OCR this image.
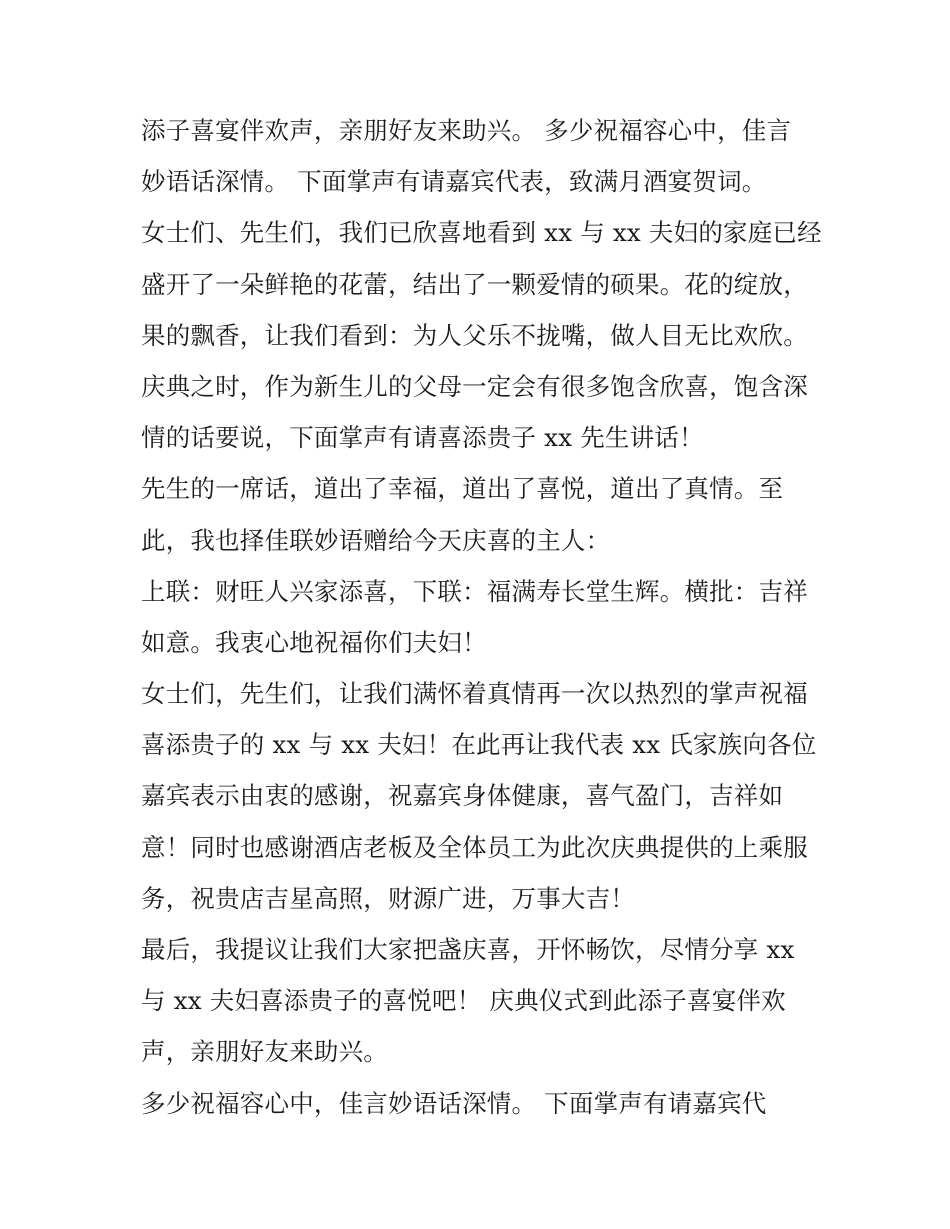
添子喜宴伴欢声，亲朋好友来助兴。 多少祝福容心中，佳言
妙语话深情。 下面掌声有请嘉宾代表，致满月酒宴贺词。
女士们、先生们，我们已欣喜地看到 xx 与 xx 夫妇的家庭已经
盛开了一朵鲜艳的花蕾，结出了一颗爱情的硕果。花的绽放，
果的飘香，让我们看到：为人父乐不拢嘴，做人目无比欢欣。
庆典之时，作为新生儿的父母一定会有很多饱含欣喜，饱含深
情的话要说，下面掌声有请喜添贵子 xx 先生讲话！
先生的一席话，道出了幸福，道出了喜悦，道出了真情。至
此，我也择佳联妙语赠给今天庆喜的主人：
上联：财旺人兴家添喜，下联：福满寿长堂生辉。横批：吉祥
如意。我衷心地祝福你们夫妇！
女士们，先生们，让我们满怀着真情再一次以热烈的掌声祝福
喜添贵子的 xx 与 xx 夫妇！在此再让我代表 xx 氏家族向各位
嘉宾表示由衷的感谢，祝嘉宾身体健康，喜气盈门，吉祥如
意！同时也感谢酒店老板及全体员工为此次庆典提供的上乘服
务，祝贵店吉星高照，财源广进，万事大吉！
最后，我提议让我们大家把盏庆喜，开怀畅饮，尽情分享 xx
与 xx 夫妇喜添贵子的喜悦吧！ 庆典仪式到此添子喜宴伴欢
声，亲朋好友来助兴。
多少祝福容心中，佳言妙语话深情。 下面掌声有请嘉宾代
